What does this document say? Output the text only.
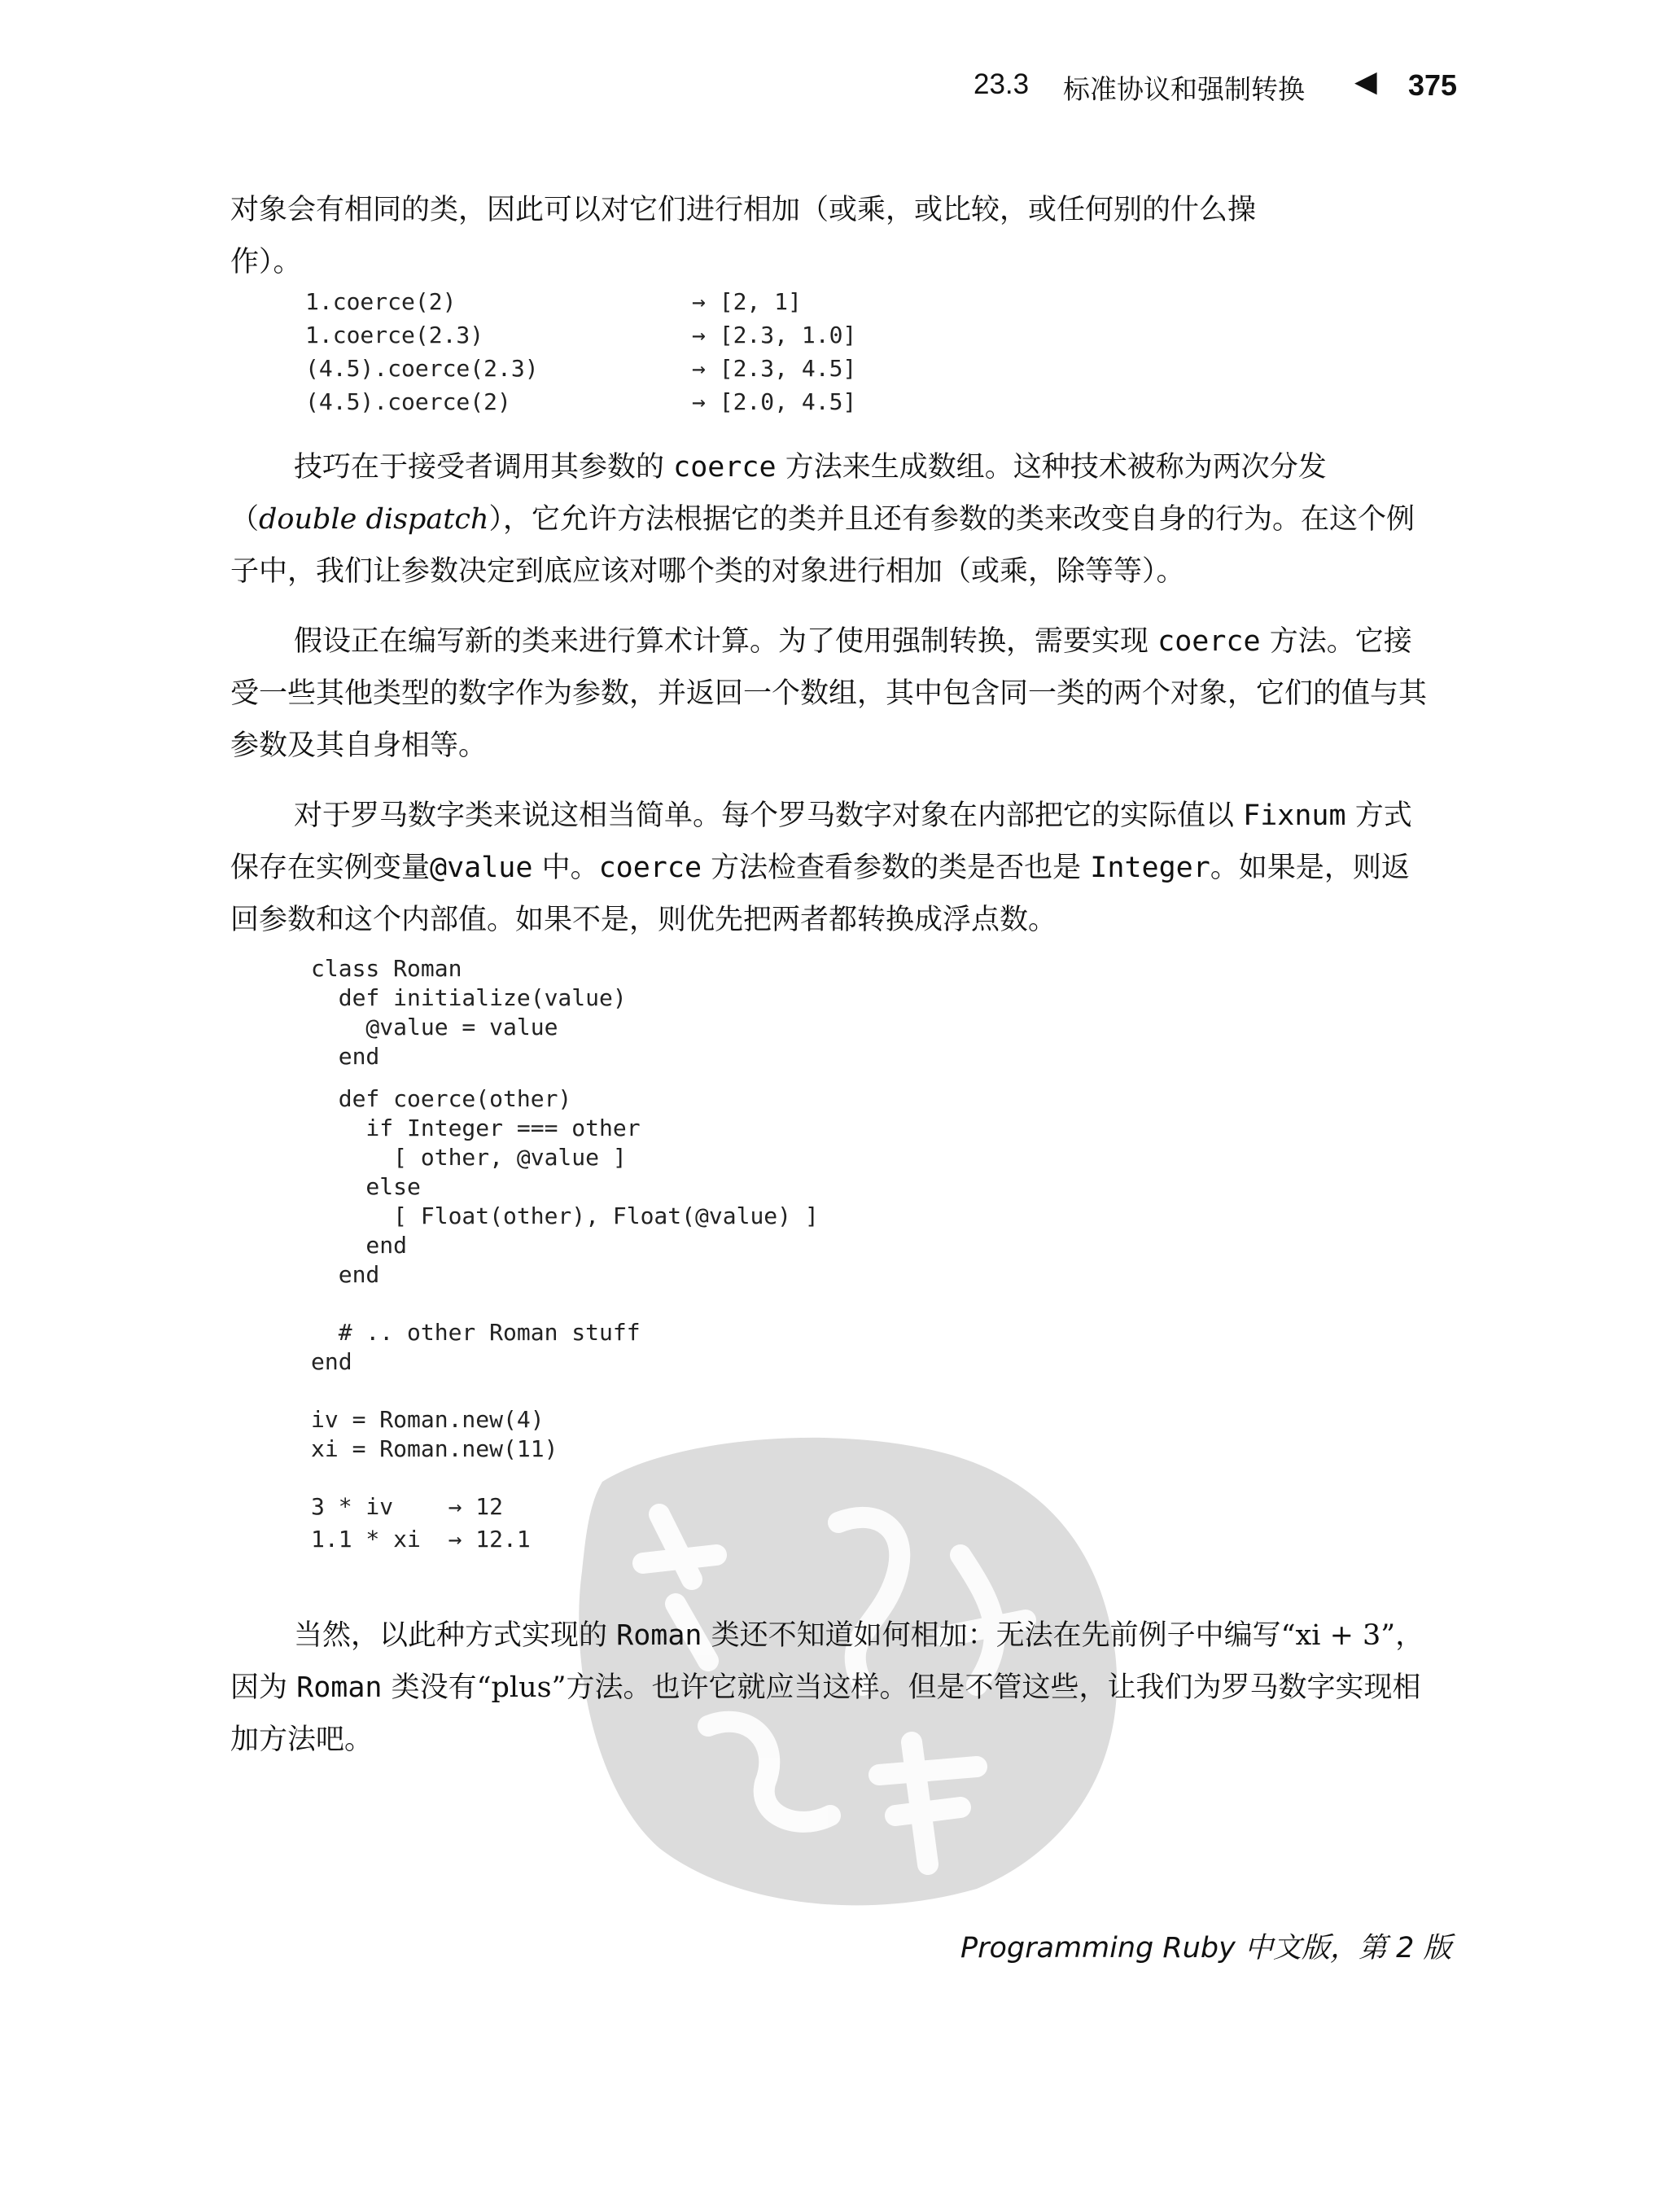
23.3 标准协议和强制转换 ◀ 375
对象会有相同的类，因此可以对它们进行相加（或乘，或比较，或任何别的什么操
作）。
1.coerce(2)	→ [2, 1]
1.coerce(2.3)	→ [2.3, 1.0]
(4.5).coerce(2.3)	→ [2.3, 4.5]
(4.5).coerce(2)	→ [2.0, 4.5]

技巧在于接受者调用其参数的 coerce 方法来生成数组。这种技术被称为两次分发（double dispatch），它允许方法根据它的类并且还有参数的类来改变自身的行为。在这个例子中，我们让参数决定到底应该对哪个类的对象进行相加（或乘，除等等）。

假设正在编写新的类来进行算术计算。为了使用强制转换，需要实现 coerce 方法。它接受一些其他类型的数字作为参数，并返回一个数组，其中包含同一类的两个对象，它们的值与其参数及其自身相等。

对于罗马数字类来说这相当简单。每个罗马数字对象在内部把它的实际值以 Fixnum 方式保存在实例变量@value 中。coerce 方法检查看参数的类是否也是 Integer。如果是，则返回参数和这个内部值。如果不是，则优先把两者都转换成浮点数。

class Roman
def initialize(value)
@value = value
end
def coerce(other)
if Integer === other
[ other, @value ]
else
[ Float(other), Float(@value) ]
end
end
# .. other Roman stuff
end
iv = Roman.new(4)
xi = Roman.new(11)
3 * iv    → 12
1.1 * xi  → 12.1

当然，以此种方式实现的 Roman 类还不知道如何相加：无法在先前例子中编写“xi + 3”，因为 Roman 类没有“plus”方法。也许它就应当这样。但是不管这些，让我们为罗马数字实现相加方法吧。

Programming Ruby 中文版，第 2 版
